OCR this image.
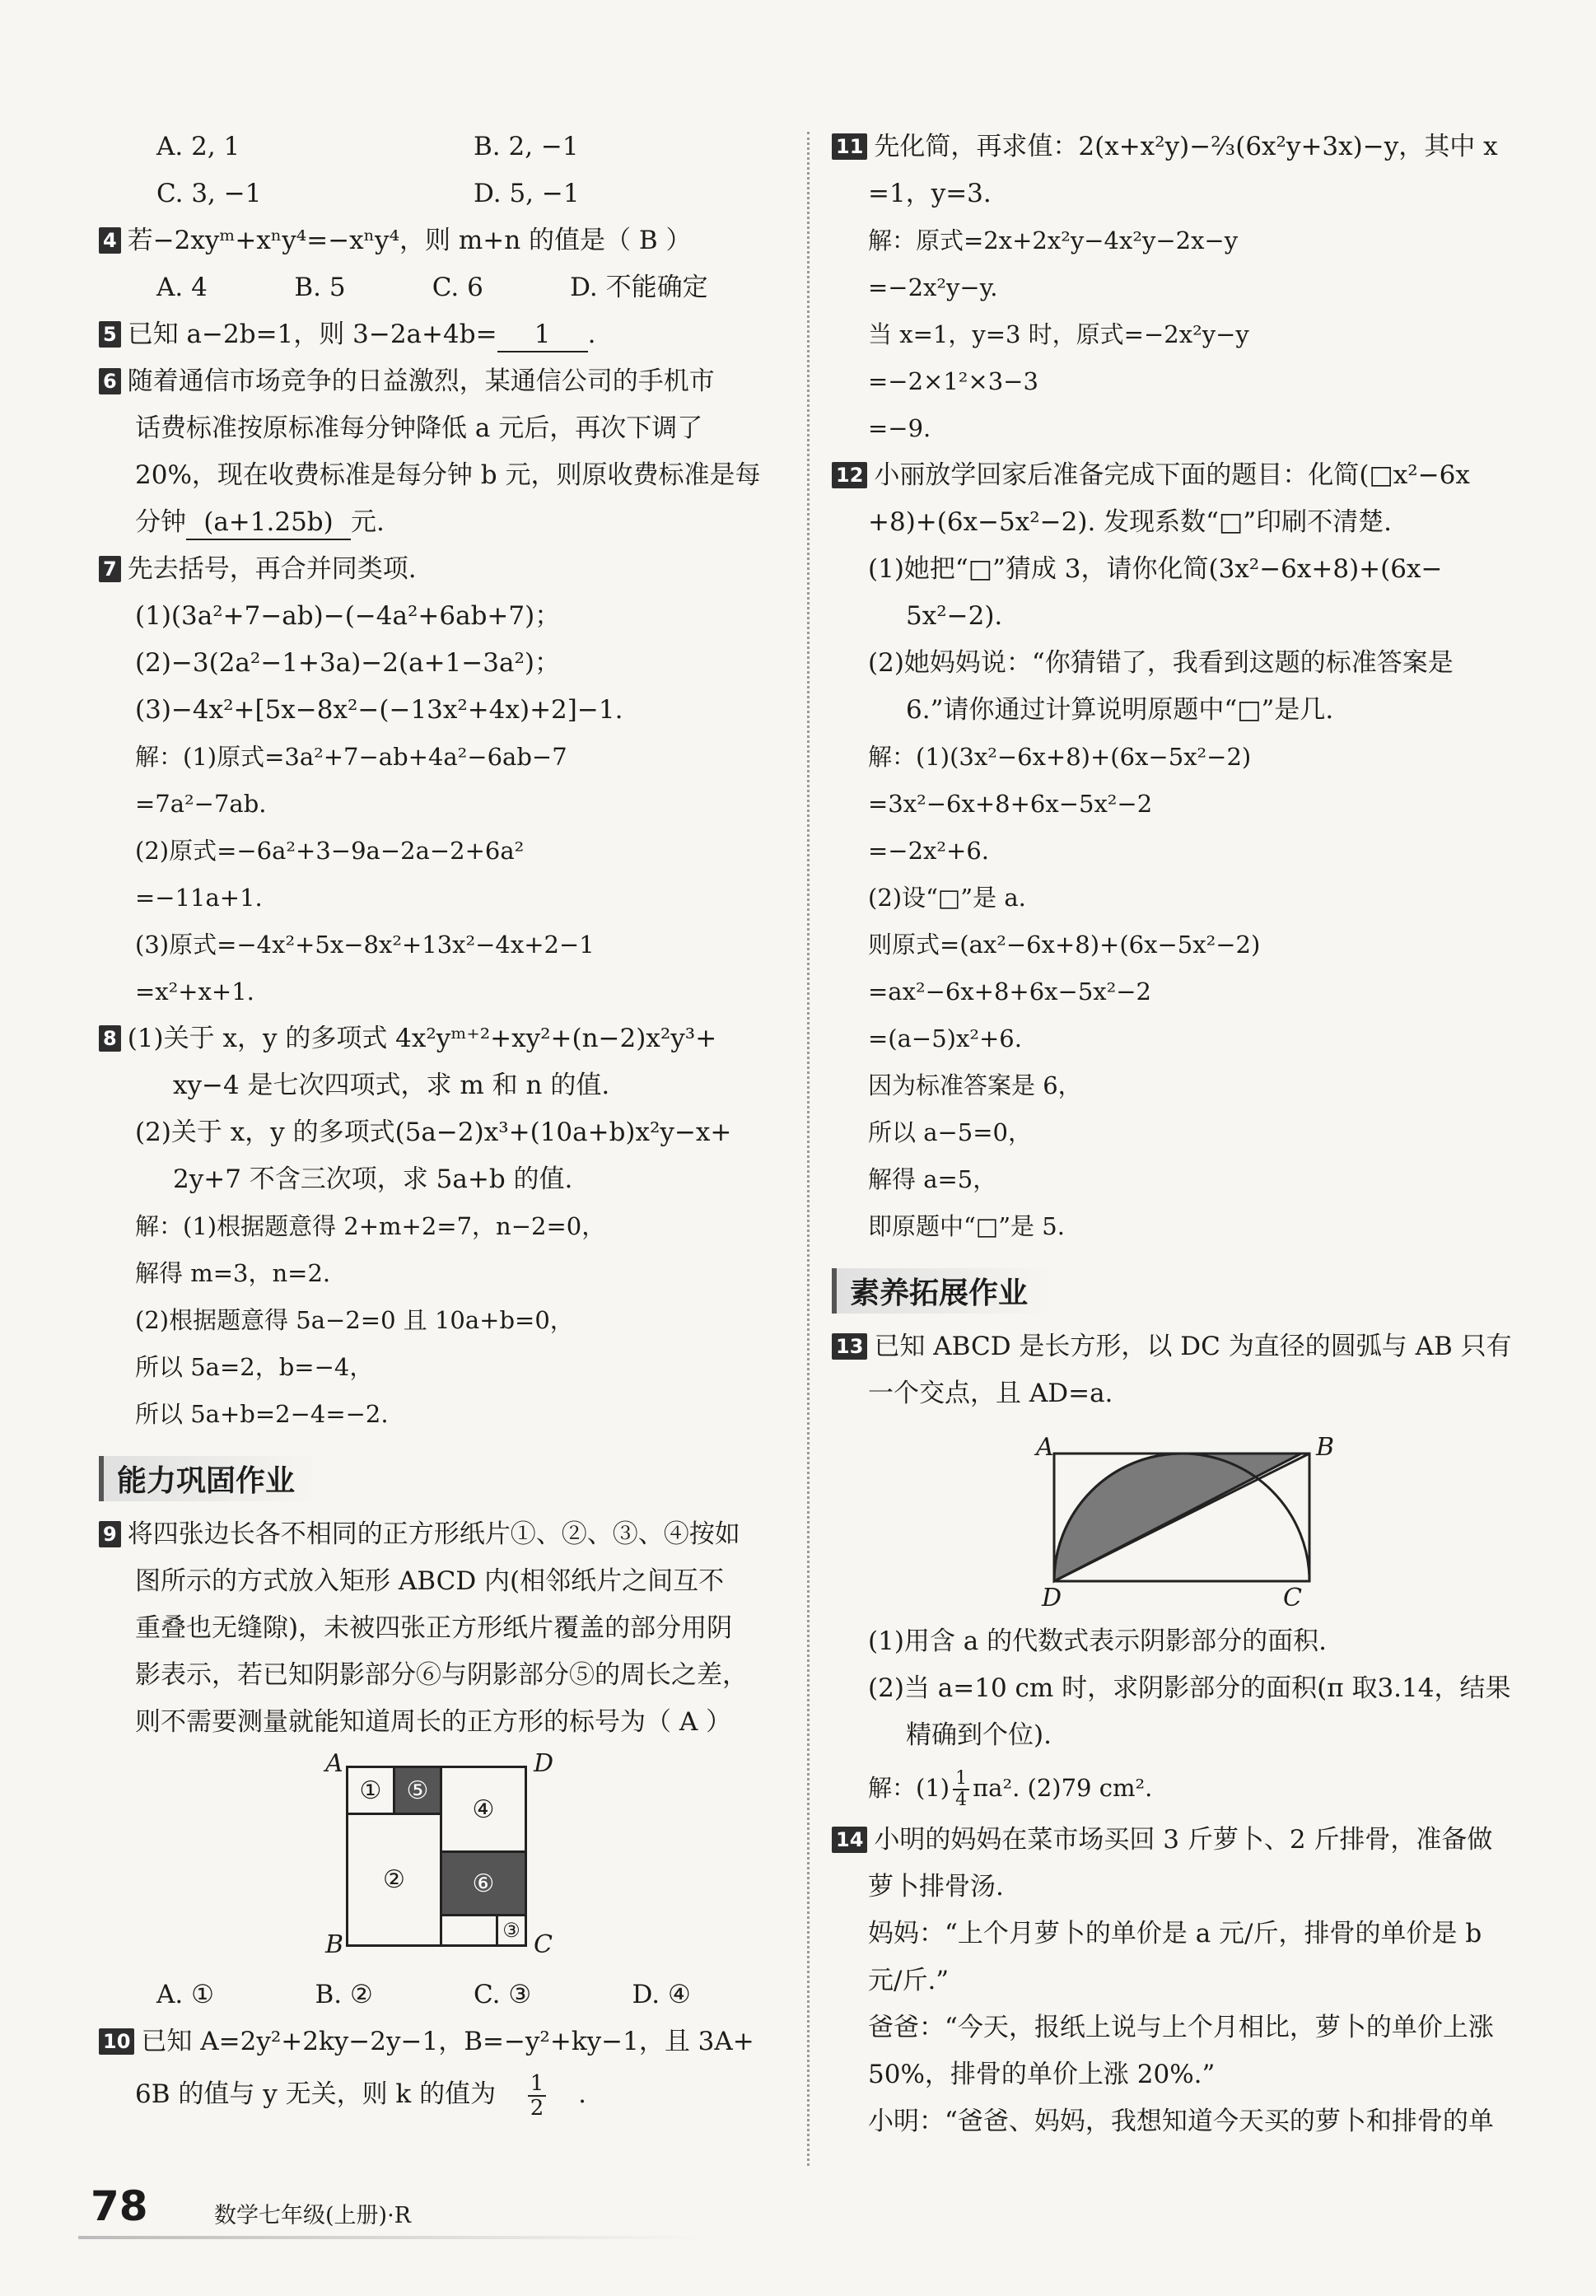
A. 2, 1	B. 2, −1
C. 3, −1	D. 5, −1
4 若−2xyᵐ+xⁿy⁴=−xⁿy⁴，则 m+n 的值是（ B ）
A. 4	B. 5	C. 6	D. 不能确定
5 已知 a−2b=1，则 3−2a+4b= 1 .
6 随着通信市场竞争的日益激烈，某通信公司的手机市
话费标准按原标准每分钟降低 a 元后，再次下调了
20%，现在收费标准是每分钟 b 元，则原收费标准是每
分钟 (a+1.25b) 元.
7 先去括号，再合并同类项.
(1)(3a²+7−ab)−(−4a²+6ab+7)；
(2)−3(2a²−1+3a)−2(a+1−3a²)；
(3)−4x²+[5x−8x²−(−13x²+4x)+2]−1.
解：(1)原式=3a²+7−ab+4a²−6ab−7
=7a²−7ab.
(2)原式=−6a²+3−9a−2a−2+6a²
=−11a+1.
(3)原式=−4x²+5x−8x²+13x²−4x+2−1
=x²+x+1.
8 (1)关于 x，y 的多项式 4x²yᵐ⁺²+xy²+(n−2)x²y³+
xy−4 是七次四项式，求 m 和 n 的值.
(2)关于 x，y 的多项式(5a−2)x³+(10a+b)x²y−x+
2y+7 不含三次项，求 5a+b 的值.
解：(1)根据题意得 2+m+2=7，n−2=0，
解得 m=3，n=2.
(2)根据题意得 5a−2=0 且 10a+b=0，
所以 5a=2，b=−4，
所以 5a+b=2−4=−2.
能力巩固作业
9 将四张边长各不相同的正方形纸片①、②、③、④按如
图所示的方式放入矩形 ABCD 内(相邻纸片之间互不
重叠也无缝隙)，未被四张正方形纸片覆盖的部分用阴
影表示，若已知阴影部分⑥与阴影部分⑤的周长之差，
则不需要测量就能知道周长的正方形的标号为（ A ）
①	⑤
④
②	⑥
③
A	D
B	C
A. ①	B. ②	C. ③	D. ④
10 已知 A=2y²+2ky−2y−1，B=−y²+ky−1，且 3A+
6B 的值与 y 无关，则 k 的值为 $\frac{1}{2}$ .
11 先化简，再求值：2(x+x²y)−⅔(6x²y+3x)−y，其中 x
=1，y=3.
解：原式=2x+2x²y−4x²y−2x−y
=−2x²y−y.
当 x=1，y=3 时，原式=−2x²y−y
=−2×1²×3−3
=−9.
12 小丽放学回家后准备完成下面的题目：化简(□x²−6x
+8)+(6x−5x²−2). 发现系数“□”印刷不清楚.
(1)她把“□”猜成 3，请你化简(3x²−6x+8)+(6x−
5x²−2).
(2)她妈妈说：“你猜错了，我看到这题的标准答案是
6.”请你通过计算说明原题中“□”是几.
解：(1)(3x²−6x+8)+(6x−5x²−2)
=3x²−6x+8+6x−5x²−2
=−2x²+6.
(2)设“□”是 a.
则原式=(ax²−6x+8)+(6x−5x²−2)
=ax²−6x+8+6x−5x²−2
=(a−5)x²+6.
因为标准答案是 6，
所以 a−5=0，
解得 a=5，
即原题中“□”是 5.
素养拓展作业
13 已知 ABCD 是长方形，以 DC 为直径的圆弧与 AB 只有
一个交点，且 AD=a.
A	B
D	C
(1)用含 a 的代数式表示阴影部分的面积.
(2)当 a=10 cm 时，求阴影部分的面积(π 取3.14，结果
精确到个位).
解：$(1) \frac{1}{4} \pi a^2$. (2)79 cm².
14 小明的妈妈在菜市场买回 3 斤萝卜、2 斤排骨，准备做
萝卜排骨汤.
妈妈：“上个月萝卜的单价是 a 元/斤，排骨的单价是 b
元/斤.”
爸爸：“今天，报纸上说与上个月相比，萝卜的单价上涨
50%，排骨的单价上涨 20%.”
小明：“爸爸、妈妈，我想知道今天买的萝卜和排骨的单
78	数学七年级(上册)·R
